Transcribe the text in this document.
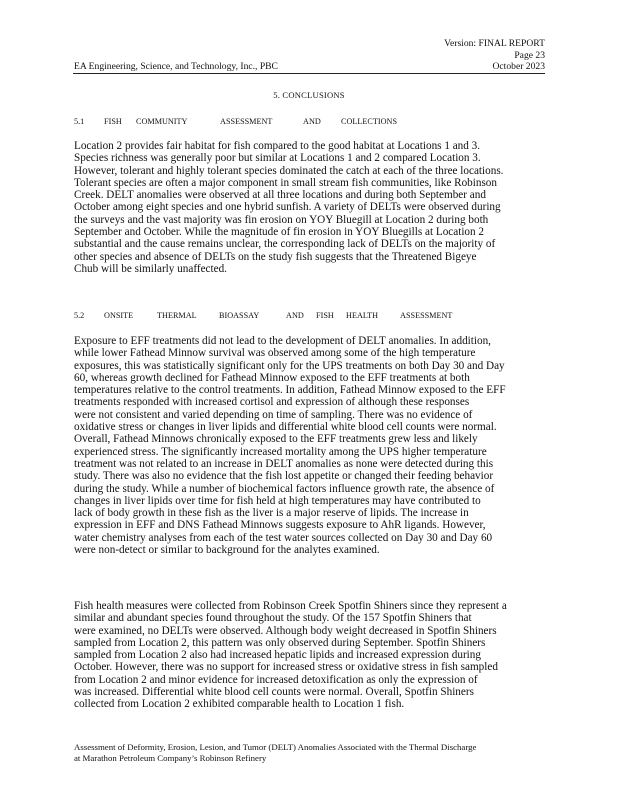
Version: FINAL REPORT
Page 23
October 2023
EA Engineering, Science, and Technology, Inc., PBC
5. CONCLUSIONS
5.1 FISH COMMUNITY	ASSESSMENT	AND COLLECTIONS
Location 2 provides fair habitat for fish compared to the good habitat at Locations 1 and 3.
Species richness was generally poor but similar at Locations 1 and 2 compared Location 3.
However, tolerant and highly tolerant species dominated the catch at each of the three locations.
Tolerant species are often a major component in small stream fish communities, like Robinson
Creek. DELT anomalies were observed at all three locations and during both September and
October among eight species and one hybrid sunfish. A variety of DELTs were observed during
the surveys and the vast majority was fin erosion on YOY Bluegill at Location 2 during both
September and October. While the magnitude of fin erosion in YOY Bluegills at Location 2
substantial and the cause remains unclear, the corresponding lack of DELTs on the majority of
other species and absence of DELTs on the study fish suggests that the Threatened Bigeye
Chub will be similarly unaffected.
5.2 ONSITE	THERMAL	BIOASSAY	AND FISH HEALTH	ASSESSMENT
Exposure to EFF treatments did not lead to the development of DELT anomalies. In addition,
while lower Fathead Minnow survival was observed among some of the high temperature
exposures, this was statistically significant only for the UPS treatments on both Day 30 and Day
60, whereas growth declined for Fathead Minnow exposed to the EFF treatments at both
temperatures relative to the control treatments. In addition, Fathead Minnow exposed to the EFF
treatments responded with increased cortisol and expression of although these responses
were not consistent and varied depending on time of sampling. There was no evidence of
oxidative stress or changes in liver lipids and differential white blood cell counts were normal.
Overall, Fathead Minnows chronically exposed to the EFF treatments grew less and likely
experienced stress. The significantly increased mortality among the UPS higher temperature
treatment was not related to an increase in DELT anomalies as none were detected during this
study. There was also no evidence that the fish lost appetite or changed their feeding behavior
during the study. While a number of biochemical factors influence growth rate, the absence of
changes in liver lipids over time for fish held at high temperatures may have contributed to
lack of body growth in these fish as the liver is a major reserve of lipids. The increase in
expression in EFF and DNS Fathead Minnows suggests exposure to AhR ligands. However,
water chemistry analyses from each of the test water sources collected on Day 30 and Day 60
were non-detect or similar to background for the analytes examined.
Fish health measures were collected from Robinson Creek Spotfin Shiners since they represent a
similar and abundant species found throughout the study. Of the 157 Spotfin Shiners that
were examined, no DELTs were observed. Although body weight decreased in Spotfin Shiners
sampled from Location 2, this pattern was only observed during September. Spotfin Shiners
sampled from Location 2 also had increased hepatic lipids and increased expression during
October. However, there was no support for increased stress or oxidative stress in fish sampled
from Location 2 and minor evidence for increased detoxification as only the expression of
was increased. Differential white blood cell counts were normal. Overall, Spotfin Shiners
collected from Location 2 exhibited comparable health to Location 1 fish.
Assessment of Deformity, Erosion, Lesion, and Tumor (DELT) Anomalies Associated with the Thermal Discharge
at Marathon Petroleum Company’s Robinson Refinery
